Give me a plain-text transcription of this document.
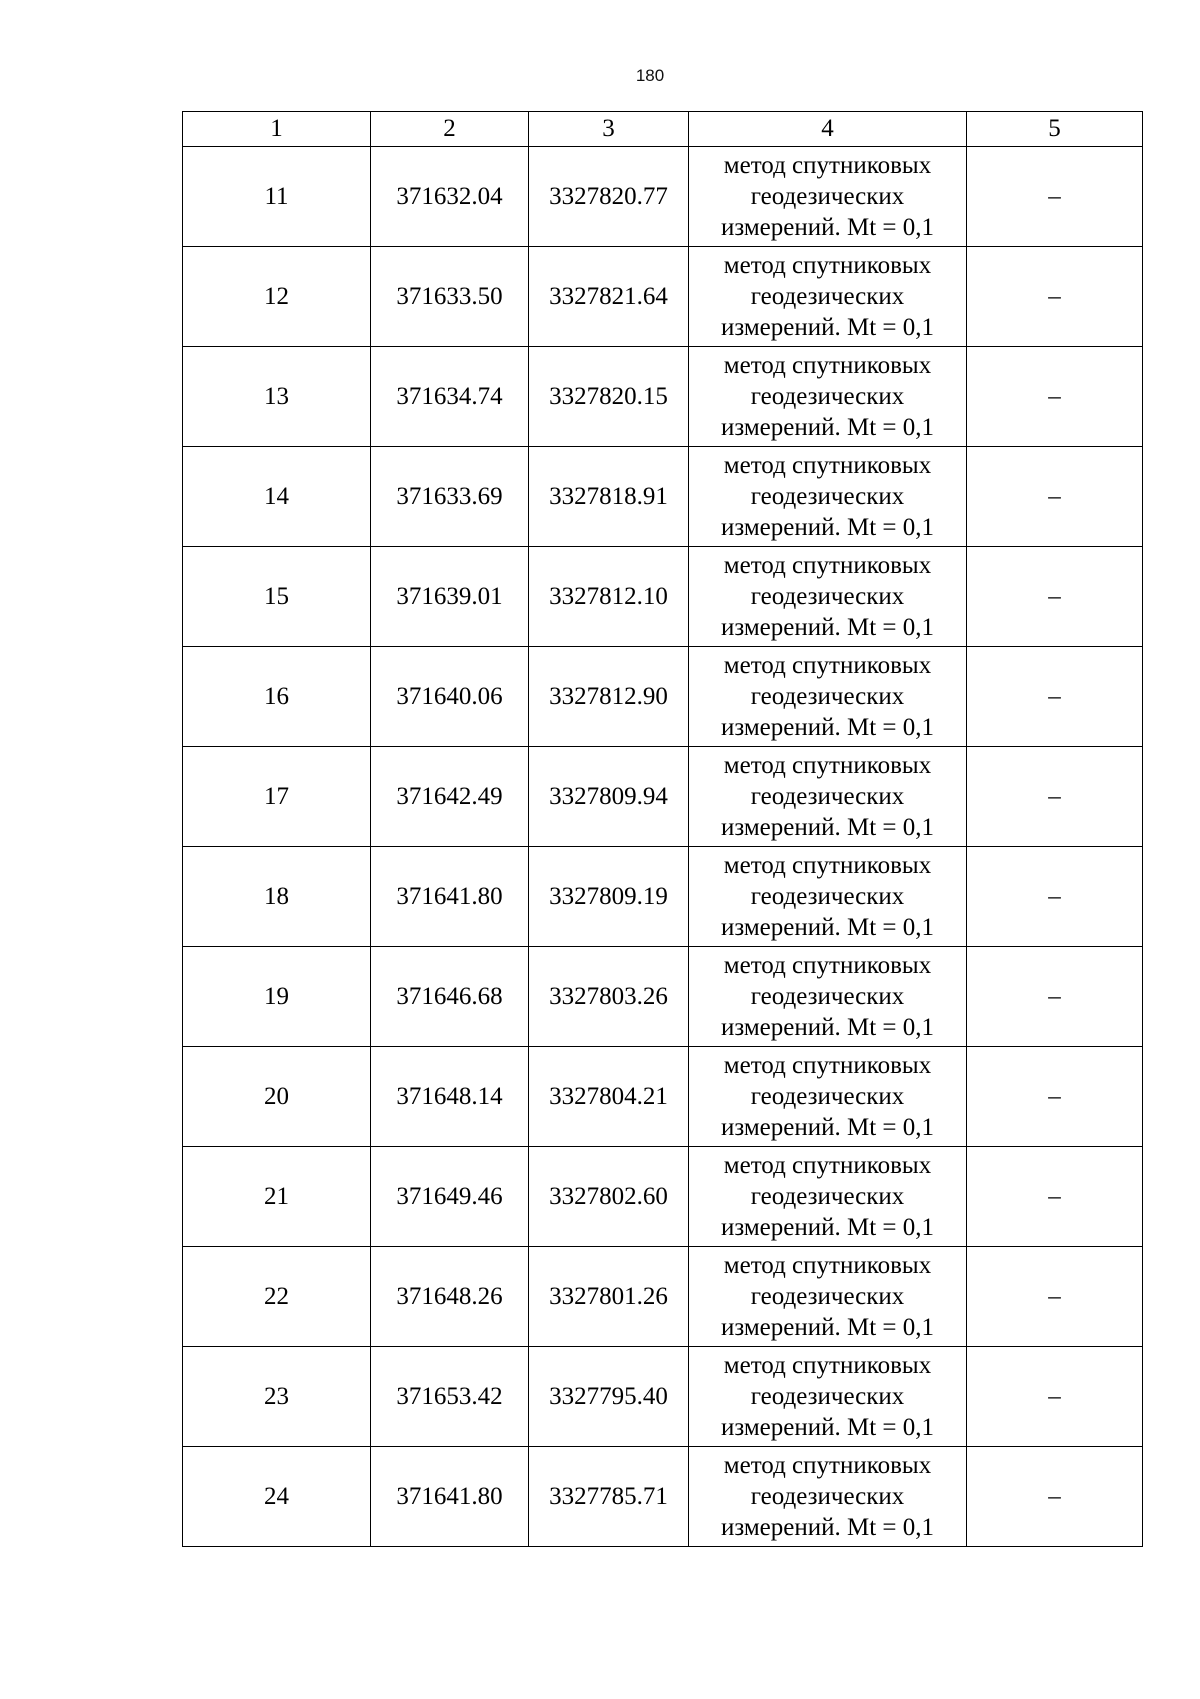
180
1	2	3	4	5
11	371632.04	3327820.77	метод спутниковых
геодезических
измерений. Mt = 0,1	–
12	371633.50	3327821.64	метод спутниковых
геодезических
измерений. Mt = 0,1	–
13	371634.74	3327820.15	метод спутниковых
геодезических
измерений. Mt = 0,1	–
14	371633.69	3327818.91	метод спутниковых
геодезических
измерений. Mt = 0,1	–
15	371639.01	3327812.10	метод спутниковых
геодезических
измерений. Mt = 0,1	–
16	371640.06	3327812.90	метод спутниковых
геодезических
измерений. Mt = 0,1	–
17	371642.49	3327809.94	метод спутниковых
геодезических
измерений. Mt = 0,1	–
18	371641.80	3327809.19	метод спутниковых
геодезических
измерений. Mt = 0,1	–
19	371646.68	3327803.26	метод спутниковых
геодезических
измерений. Mt = 0,1	–
20	371648.14	3327804.21	метод спутниковых
геодезических
измерений. Mt = 0,1	–
21	371649.46	3327802.60	метод спутниковых
геодезических
измерений. Mt = 0,1	–
22	371648.26	3327801.26	метод спутниковых
геодезических
измерений. Mt = 0,1	–
23	371653.42	3327795.40	метод спутниковых
геодезических
измерений. Mt = 0,1	–
24	371641.80	3327785.71	метод спутниковых
геодезических
измерений. Mt = 0,1	–
